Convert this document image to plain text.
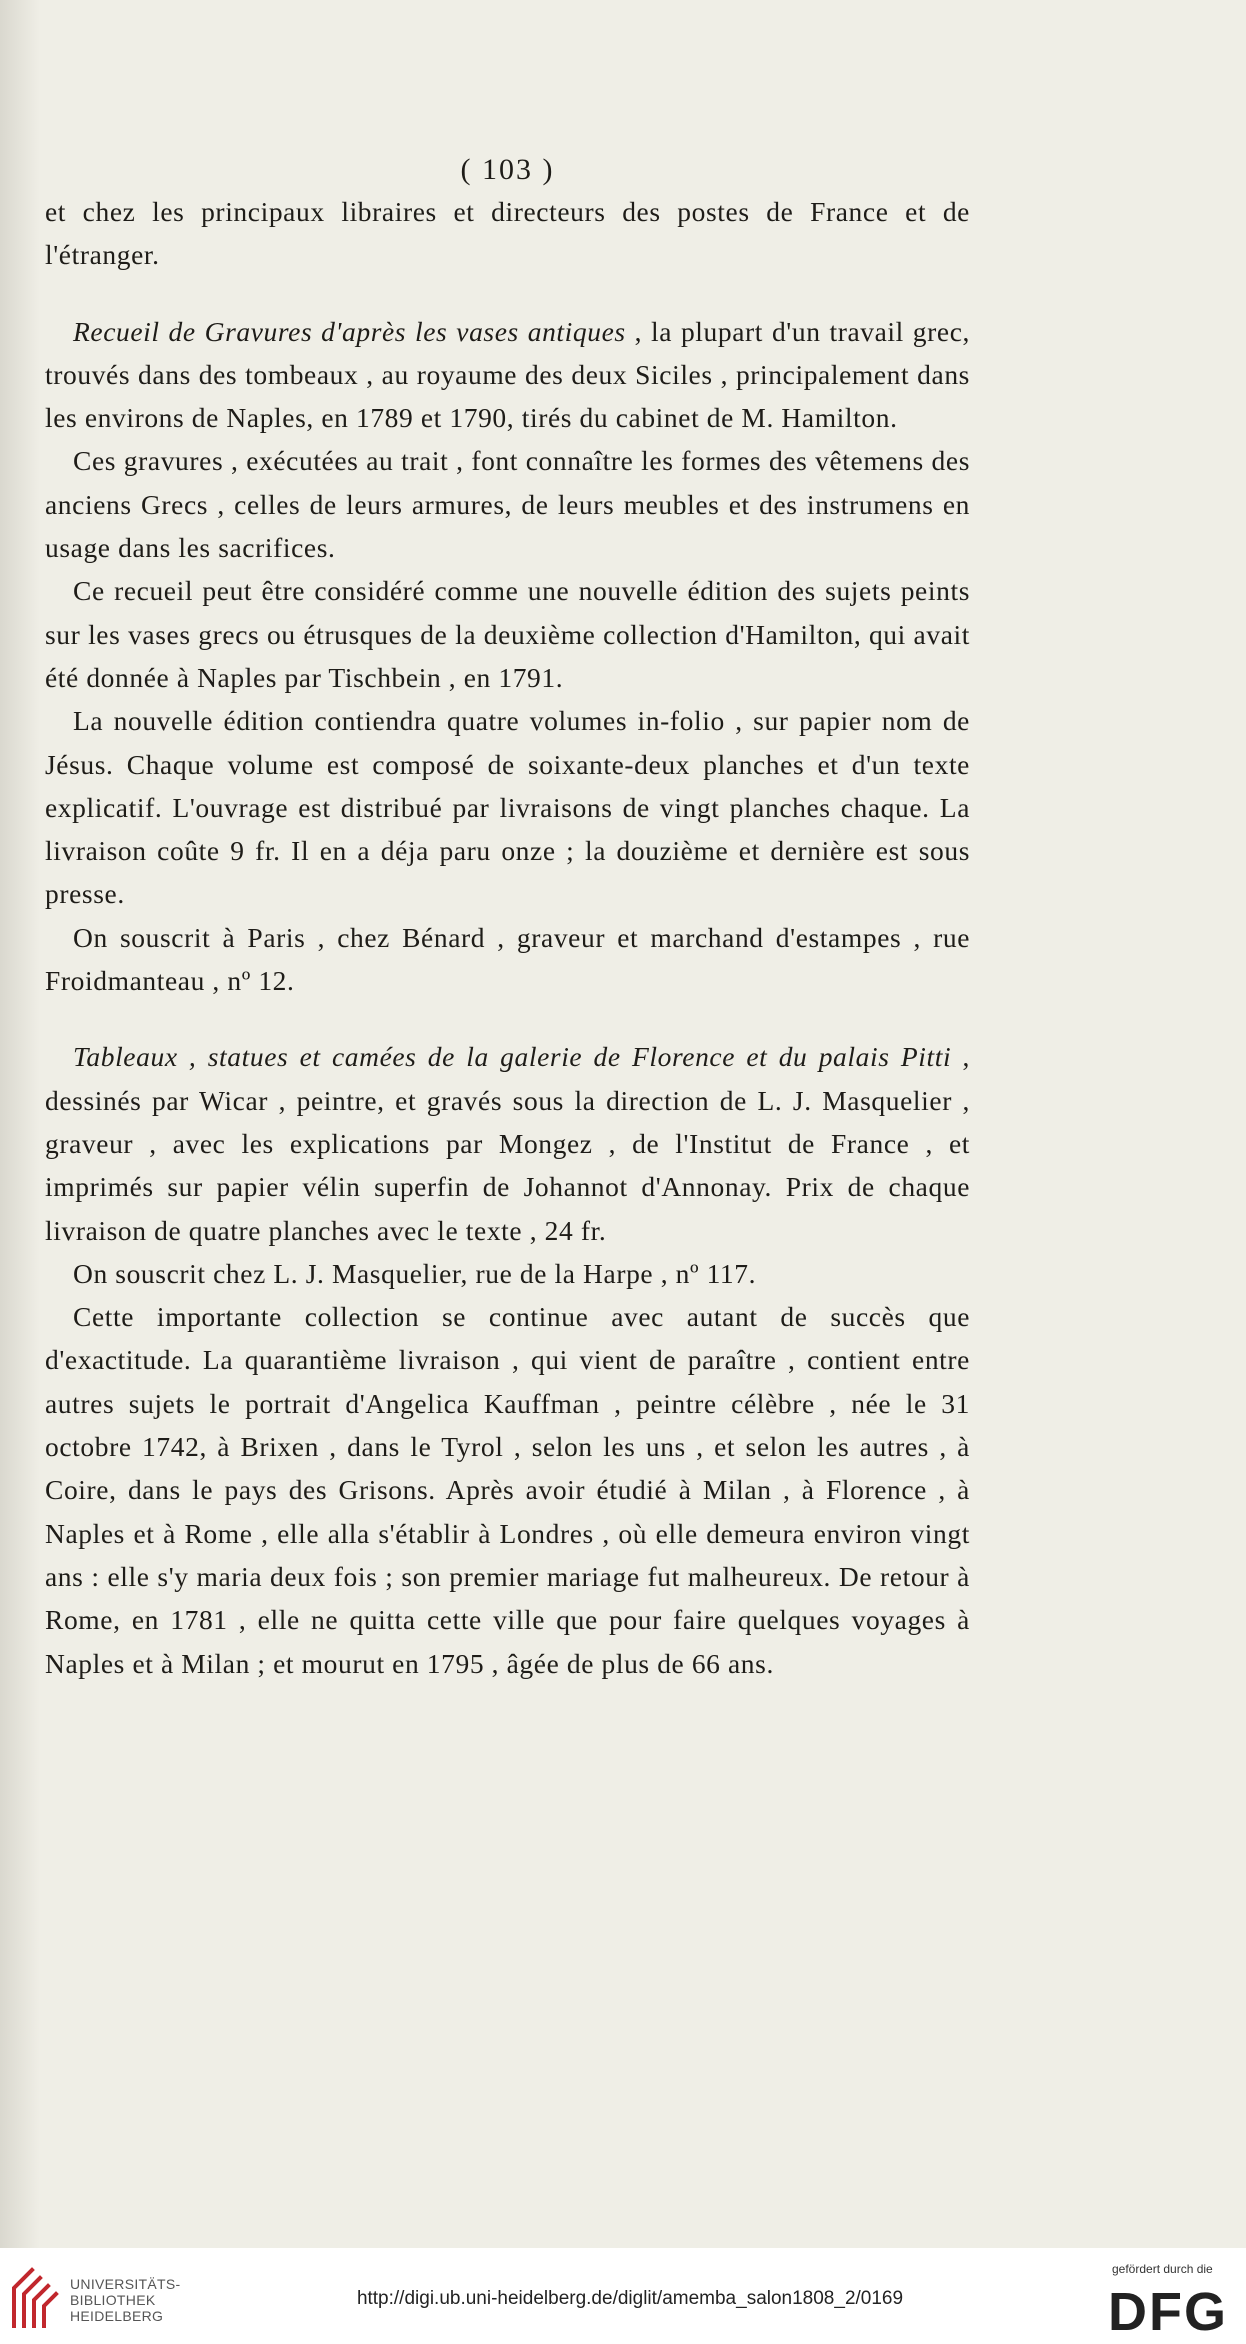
( 103 )

et chez les principaux libraires et directeurs des postes de France et de l'étranger.

Recueil de Gravures d'après les vases antiques , la plupart d'un travail grec, trouvés dans des tombeaux , au royaume des deux Siciles , principalement dans les environs de Naples, en 1789 et 1790, tirés du cabinet de M. Hamilton.

Ces gravures , exécutées au trait , font connaître les formes des vêtemens des anciens Grecs , celles de leurs armures, de leurs meubles et des instrumens en usage dans les sacrifices.

Ce recueil peut être considéré comme une nouvelle édition des sujets peints sur les vases grecs ou étrusques de la deuxième collection d'Hamilton, qui avait été donnée à Naples par Tischbein , en 1791.

La nouvelle édition contiendra quatre volumes in-folio , sur papier nom de Jésus. Chaque volume est composé de soixante-deux planches et d'un texte explicatif. L'ouvrage est distribué par livraisons de vingt planches chaque. La livraison coûte 9 fr. Il en a déja paru onze ; la douzième et dernière est sous presse.

On souscrit à Paris , chez Bénard , graveur et marchand d'estampes , rue Froidmanteau , nº 12.

Tableaux , statues et camées de la galerie de Florence et du palais Pitti , dessinés par Wicar , peintre, et gravés sous la direction de L. J. Masquelier , graveur , avec les explications par Mongez , de l'Institut de France , et imprimés sur papier vélin superfin de Johannot d'Annonay. Prix de chaque livraison de quatre planches avec le texte , 24 fr.

On souscrit chez L. J. Masquelier, rue de la Harpe , nº 117.

Cette importante collection se continue avec autant de succès que d'exactitude. La quarantième livraison , qui vient de paraître , contient entre autres sujets le portrait d'Angelica Kauffman , peintre célèbre , née le 31 octobre 1742, à Brixen , dans le Tyrol , selon les uns , et selon les autres , à Coire, dans le pays des Grisons. Après avoir étudié à Milan , à Florence , à Naples et à Rome , elle alla s'établir à Londres , où elle demeura environ vingt ans : elle s'y maria deux fois ; son premier mariage fut malheureux. De retour à Rome, en 1781 , elle ne quitta cette ville que pour faire quelques voyages à Naples et à Milan ; et mourut en 1795 , âgée de plus de 66 ans.

UNIVERSITÄTS-
BIBLIOTHEK
HEIDELBERG
http://digi.ub.uni-heidelberg.de/diglit/amemba_salon1808_2/0169
gefördert durch die
DFG
